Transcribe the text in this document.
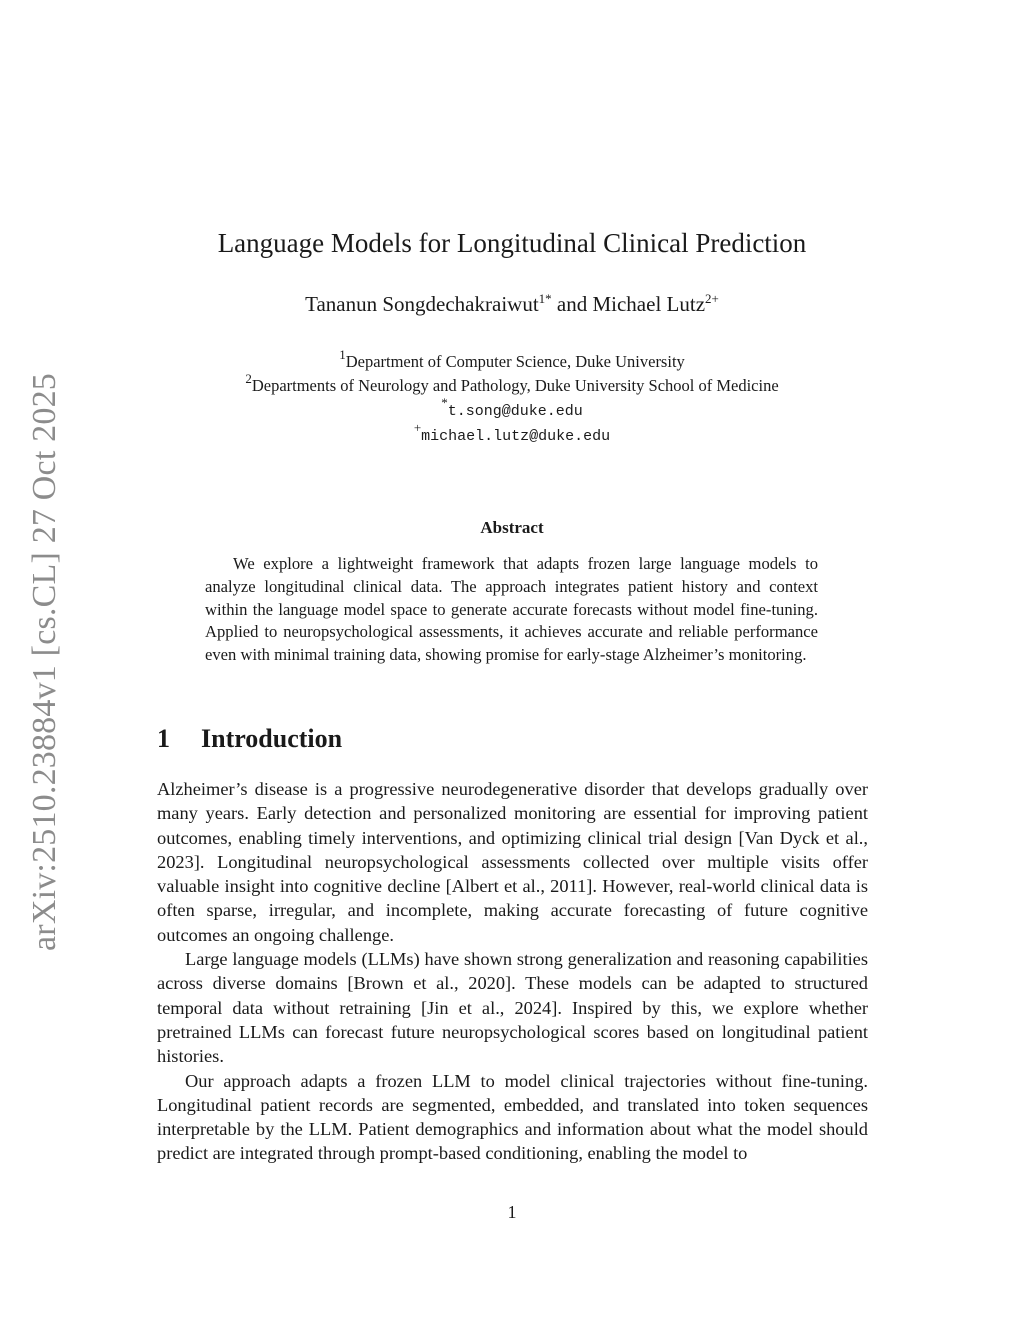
arXiv:2510.23884v1 [cs.CL] 27 Oct 2025
Language Models for Longitudinal Clinical Prediction
Tananun Songdechakraiwut$^{1*}$ and Michael Lutz$^{2+}$
$^1$Department of Computer Science, Duke University
$^2$Departments of Neurology and Pathology, Duke University School of Medicine
*t.song@duke.edu
+michael.lutz@duke.edu
Abstract

We explore a lightweight framework that adapts frozen large language models to analyze longitudinal clinical data. The approach integrates patient history and context within the language model space to generate accurate forecasts without model fine-tuning. Applied to neuropsychological assessments, it achieves accurate and reliable performance even with minimal training data, showing promise for early-stage Alzheimer’s monitoring.

1 Introduction

Alzheimer’s disease is a progressive neurodegenerative disorder that develops gradually over many years. Early detection and personalized monitoring are essential for improving patient outcomes, enabling timely interventions, and optimizing clinical trial design [Van Dyck et al., 2023]. Longitudinal neuropsychological assessments collected over multiple visits offer valuable insight into cognitive decline [Albert et al., 2011]. However, real-world clinical data is often sparse, irregular, and incomplete, making accurate forecasting of future cognitive outcomes an ongoing challenge.

Large language models (LLMs) have shown strong generalization and reasoning capabilities across diverse domains [Brown et al., 2020]. These models can be adapted to structured temporal data without retraining [Jin et al., 2024]. Inspired by this, we explore whether pretrained LLMs can forecast future neuropsychological scores based on longitudinal patient histories.

Our approach adapts a frozen LLM to model clinical trajectories without fine-tuning. Longitudinal patient records are segmented, embedded, and translated into token sequences interpretable by the LLM. Patient demographics and information about what the model should predict are integrated through prompt-based conditioning, enabling the model to

1
